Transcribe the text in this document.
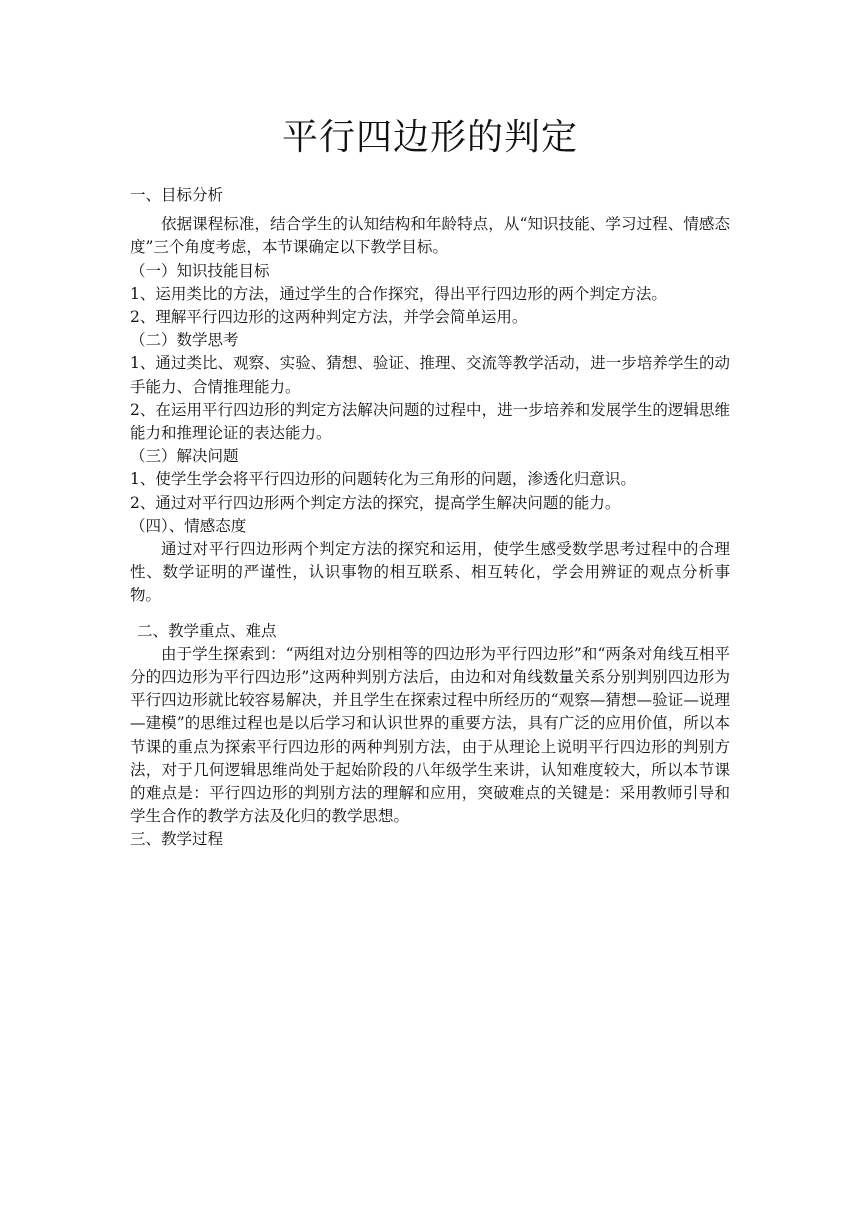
平行四边形的判定

一、目标分析

依据课程标准，结合学生的认知结构和年龄特点，从“知识技能、学习过程、情感态度”三个角度考虑，本节课确定以下教学目标。

（一）知识技能目标

1、运用类比的方法，通过学生的合作探究，得出平行四边形的两个判定方法。

2、理解平行四边形的这两种判定方法，并学会简单运用。

（二）数学思考

1、通过类比、观察、实验、猜想、验证、推理、交流等教学活动，进一步培养学生的动手能力、合情推理能力。

2、在运用平行四边形的判定方法解决问题的过程中，进一步培养和发展学生的逻辑思维能力和推理论证的表达能力。

（三）解决问题

1、使学生学会将平行四边形的问题转化为三角形的问题，渗透化归意识。

2、通过对平行四边形两个判定方法的探究，提高学生解决问题的能力。

（四）、情感态度

通过对平行四边形两个判定方法的探究和运用，使学生感受数学思考过程中的合理性、数学证明的严谨性，认识事物的相互联系、相互转化，学会用辨证的观点分析事物。

二、教学重点、难点

由于学生探索到：“两组对边分别相等的四边形为平行四边形”和“两条对角线互相平分的四边形为平行四边形”这两种判别方法后，由边和对角线数量关系分别判别四边形为平行四边形就比较容易解决，并且学生在探索过程中所经历的“观察—猜想—验证—说理—建模”的思维过程也是以后学习和认识世界的重要方法，具有广泛的应用价值，所以本节课的重点为探索平行四边形的两种判别方法，由于从理论上说明平行四边形的判别方法，对于几何逻辑思维尚处于起始阶段的八年级学生来讲，认知难度较大，所以本节课的难点是：平行四边形的判别方法的理解和应用，突破难点的关键是：采用教师引导和学生合作的教学方法及化归的教学思想。

三、教学过程
